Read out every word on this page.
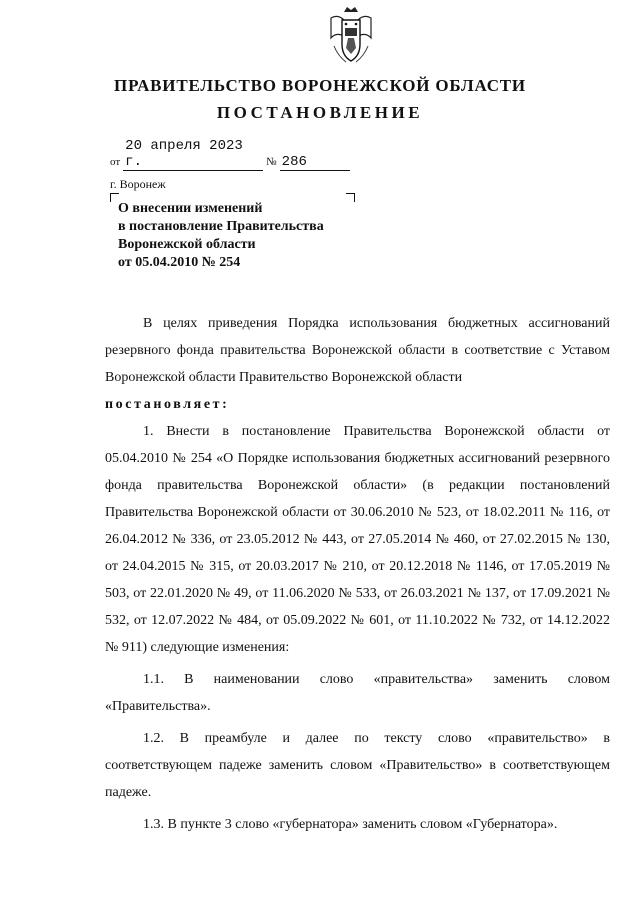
ПРАВИТЕЛЬСТВО ВОРОНЕЖСКОЙ ОБЛАСТИ
ПОСТАНОВЛЕНИЕ
от 20 апреля 2023 г.	№ 286
г. Воронеж
О внесении изменений
в постановление Правительства
Воронежской области
от 05.04.2010 № 254

В целях приведения Порядка использования бюджетных ассигнований резервного фонда правительства Воронежской области в соответствие с Уставом Воронежской области Правительство Воронежской области

постановляет:

1. Внести в постановление Правительства Воронежской области от 05.04.2010 № 254 «О Порядке использования бюджетных ассигнований резервного фонда правительства Воронежской области» (в редакции постановлений Правительства Воронежской области от 30.06.2010 № 523, от 18.02.2011 № 116, от 26.04.2012 № 336, от 23.05.2012 № 443, от 27.05.2014 № 460, от 27.02.2015 № 130, от 24.04.2015 № 315, от 20.03.2017 № 210, от 20.12.2018 № 1146, от 17.05.2019 № 503, от 22.01.2020 № 49, от 11.06.2020 № 533, от 26.03.2021 № 137, от 17.09.2021 № 532, от 12.07.2022 № 484, от 05.09.2022 № 601, от 11.10.2022 № 732, от 14.12.2022 № 911) следующие изменения:

1.1. В наименовании слово «правительства» заменить словом «Правительства».

1.2. В преамбуле и далее по тексту слово «правительство» в соответствующем падеже заменить словом «Правительство» в соответствующем падеже.

1.3. В пункте 3 слово «губернатора» заменить словом «Губернатора».
